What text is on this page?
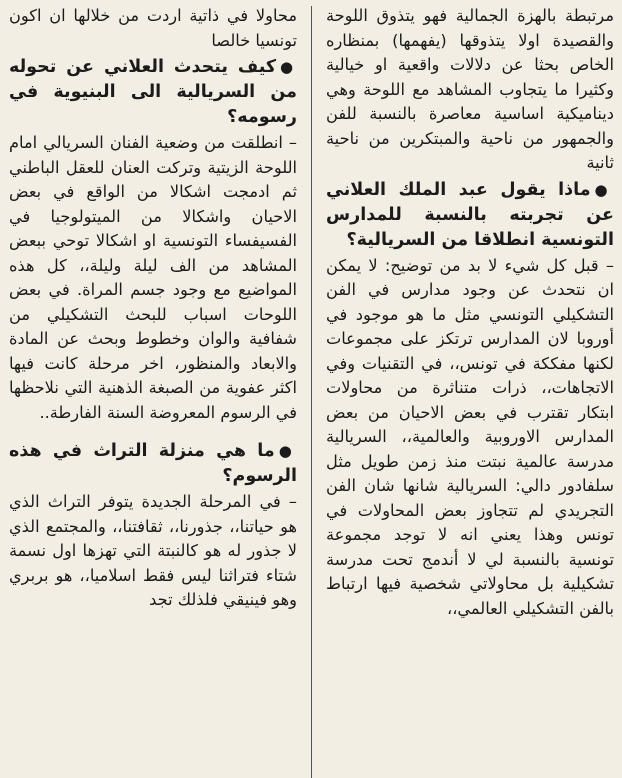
مرتبطة بالهزة الجمالية فهو يتذوق اللوحة والقصيدة اولا يتذوقها (يفهمها) بمنظاره الخاص بحثا عن دلالات واقعية او خيالية وكثيرا ما يتجاوب المشاهد مع اللوحة وهي ديناميكية اساسية معاصرة بالنسبة للفن والجمهور من ناحية والمبتكرين من ناحية ثانية

●ماذا يقول عبد الملك العلاني عن تجربته بالنسبة للمدارس التونسية انطلاقا من السريالية؟

– قبل كل شيء لا بد من توضيح: لا يمكن ان نتحدث عن وجود مدارس في الفن التشكيلي التونسي مثل ما هو موجود في أوروبا لان المدارس ترتكز على مجموعات لكنها مفككة في تونس،، في التقنيات وفي الاتجاهات،، ذرات متناثرة من محاولات ابتكار تقترب في بعض الاحيان من بعض المدارس الاوروبية والعالمية،، السريالية مدرسة عالمية نبتت منذ زمن طويل مثل سلفادور دالي: السريالية شانها شان الفن التجريدي لم تتجاوز بعض المحاولات في تونس وهذا يعني انه لا توجد مجموعة تونسية بالنسبة لي لا أندمج تحت مدرسة تشكيلية بل محاولاتي شخصية فيها ارتباط بالفن التشكيلي العالمي،،

محاولا في ذاتية اردت من خلالها ان اكون تونسيا خالصا

●كيف يتحدث العلاني عن تحوله من السريالية الى البنيوية في رسومه؟

– انطلقت من وضعية الفنان السريالي امام اللوحة الزيتية وتركت العنان للعقل الباطني ثم ادمجت اشكالا من الواقع في بعض الاحيان واشكالا من الميتولوجيا في الفسيفساء التونسية او اشكالا توحي ببعض المشاهد من الف ليلة وليلة،، كل هذه المواضيع مع وجود جسم المراة. في بعض اللوحات اسباب للبحث التشكيلي من شفافية والوان وخطوط وبحث عن المادة والابعاد والمنظور، اخر مرحلة كانت فيها اكثر عفوية من الصبغة الذهنية التي نلاحظها في الرسوم المعروضة السنة الفارطة..

●ما هي منزلة التراث في هذه الرسوم؟

– في المرحلة الجديدة يتوفر التراث الذي هو حياتنا،، جذورنا،، ثقافتنا،، والمجتمع الذي لا جذور له هو كالنبتة التي تهزها اول نسمة شتاء فتراثنا ليس فقط اسلاميا،، هو بربري وهو فينيقي فلذلك تجد
